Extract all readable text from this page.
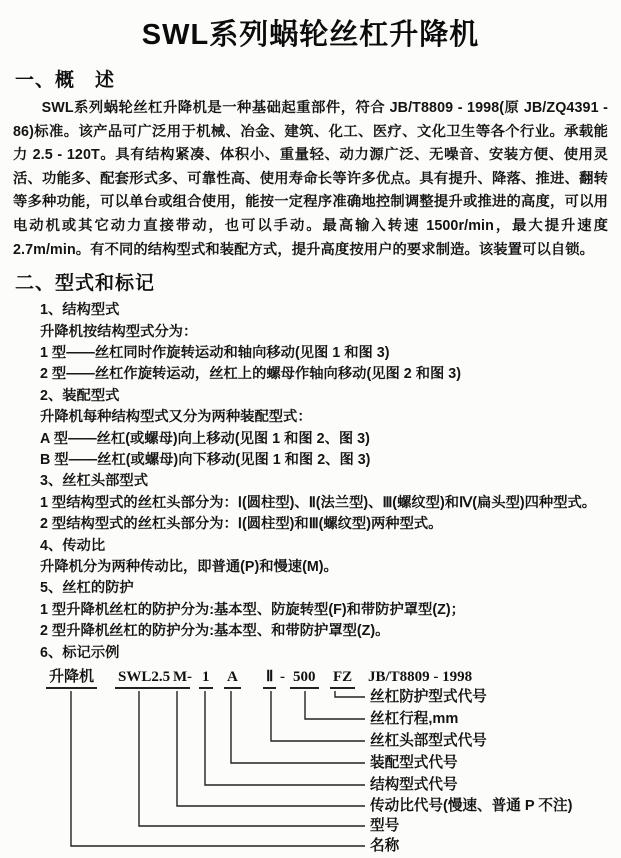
SWL系列蜗轮丝杠升降机
一、概　述
SWL系列蜗轮丝杠升降机是一种基础起重部件，符合 JB/T8809 - 1998(原 JB/ZQ4391 - 86)标准。该产品可广泛用于机械、冶金、建筑、化工、医疗、文化卫生等各个行业。承载能力 2.5 - 120T。具有结构紧凑、体积小、重量轻、动力源广泛、无噪音、安装方便、使用灵活、功能多、配套形式多、可靠性高、使用寿命长等许多优点。具有提升、降落、推进、翻转等多种功能，可以单台或组合使用，能按一定程序准确地控制调整提升或推进的高度，可以用电动机或其它动力直接带动，也可以手动。最高输入转速 1500r/min，最大提升速度 2.7m/min。有不同的结构型式和装配方式，提升高度按用户的要求制造。该装置可以自锁。
二、型式和标记
1、结构型式
升降机按结构型式分为：
1 型——丝杠同时作旋转运动和轴向移动(见图 1 和图 3)
2 型——丝杠作旋转运动，丝杠上的螺母作轴向移动(见图 2 和图 3)
2、装配型式
升降机每种结构型式又分为两种装配型式：
A 型——丝杠(或螺母)向上移动(见图 1 和图 2、图 3)
B 型——丝杠(或螺母)向下移动(见图 1 和图 2、图 3)
3、丝杠头部型式
1 型结构型式的丝杠头部分为：Ⅰ(圆柱型)、Ⅱ(法兰型)、Ⅲ(螺纹型)和Ⅳ(扁头型)四种型式。
2 型结构型式的丝杠头部分为：Ⅰ(圆柱型)和Ⅲ(螺纹型)两种型式。
4、传动比
升降机分为两种传动比，即普通(P)和慢速(M)。
5、丝杠的防护
1 型升降机丝杠的防护分为:基本型、防旋转型(F)和带防护罩型(Z)；
2 型升降机丝杠的防护分为:基本型、和带防护罩型(Z)。
6、标记示例
升降机 SWL2.5 M - 1 A Ⅱ - 500 FZ JB/T8809 - 1998
丝杠防护型式代号
丝杠行程,mm
丝杠头部型式代号
装配型式代号
结构型式代号
传动比代号(慢速、普通 P 不注)
型号
名称
